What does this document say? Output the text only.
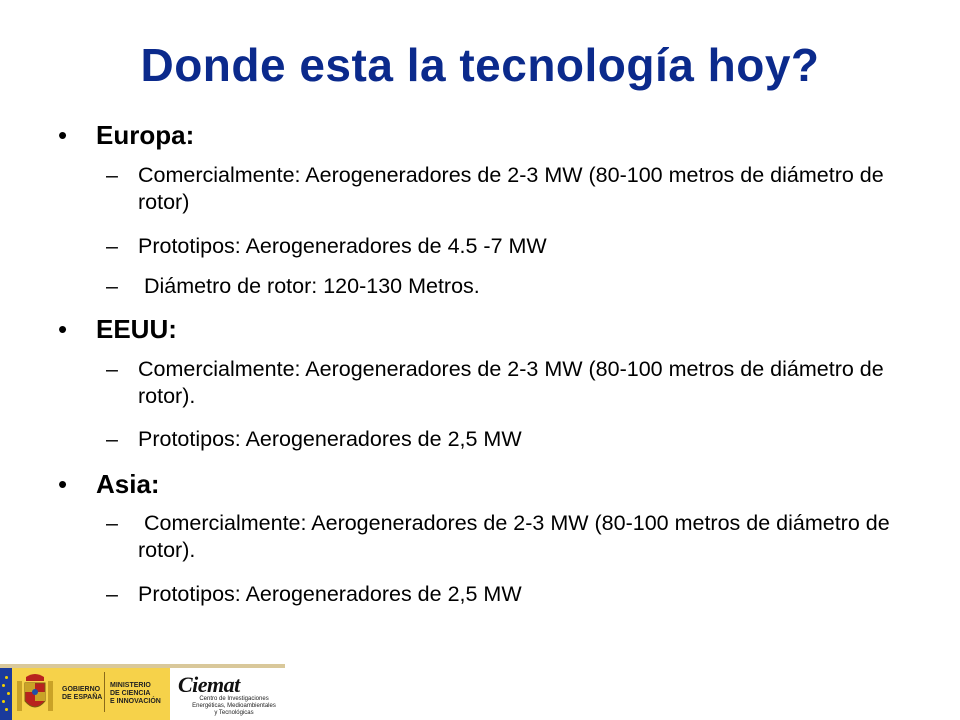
Donde esta la tecnología hoy?
• Europa:
– Comercialmente: Aerogeneradores de 2-3 MW (80-100 metros de diámetro de rotor)
– Prototipos: Aerogeneradores de 4.5 -7 MW
– Diámetro de rotor: 120-130 Metros.
• EEUU:
– Comercialmente: Aerogeneradores de 2-3 MW (80-100 metros de diámetro de rotor).
– Prototipos: Aerogeneradores de 2,5 MW
• Asia:
– Comercialmente: Aerogeneradores de 2-3 MW (80-100 metros de diámetro de rotor).
– Prototipos: Aerogeneradores de 2,5 MW
GOBIERNO
DE ESPAÑA
MINISTERIO
DE CIENCIA
E INNOVACIÓN
Ciemat
Centro de Investigaciones
Energéticas, Medioambientales
y Tecnológicas
